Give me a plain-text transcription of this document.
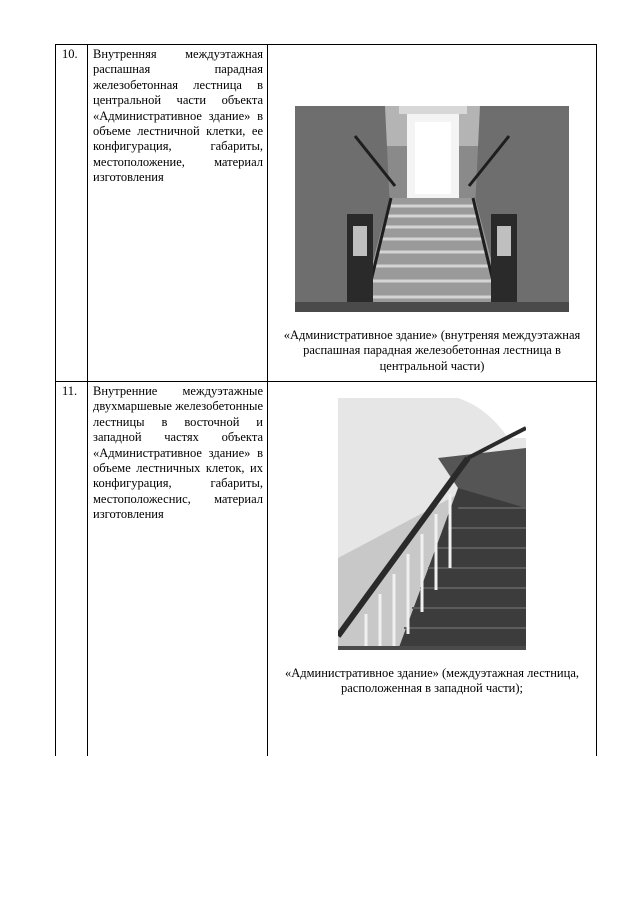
10.	Внутренняя междуэтажная распашная парадная железобетонная лестница в центральной части объекта «Административное здание» в объеме лестничной клетки, ее конфигурация, габариты, местоположение, материал изготовления	«Административное здание» (внутреняя междуэтажная распашная парадная железобетонная лестница в центральной части)

11.	Внутренние междуэтажные двухмаршевые железобетонные лестницы в восточной и западной частях объекта «Административное здание» в объеме лестничных клеток, их конфигурация, габариты, местоположеснис, материал изготовления	«Административное здание» (междуэтажная лестница, расположенная в западной части);
